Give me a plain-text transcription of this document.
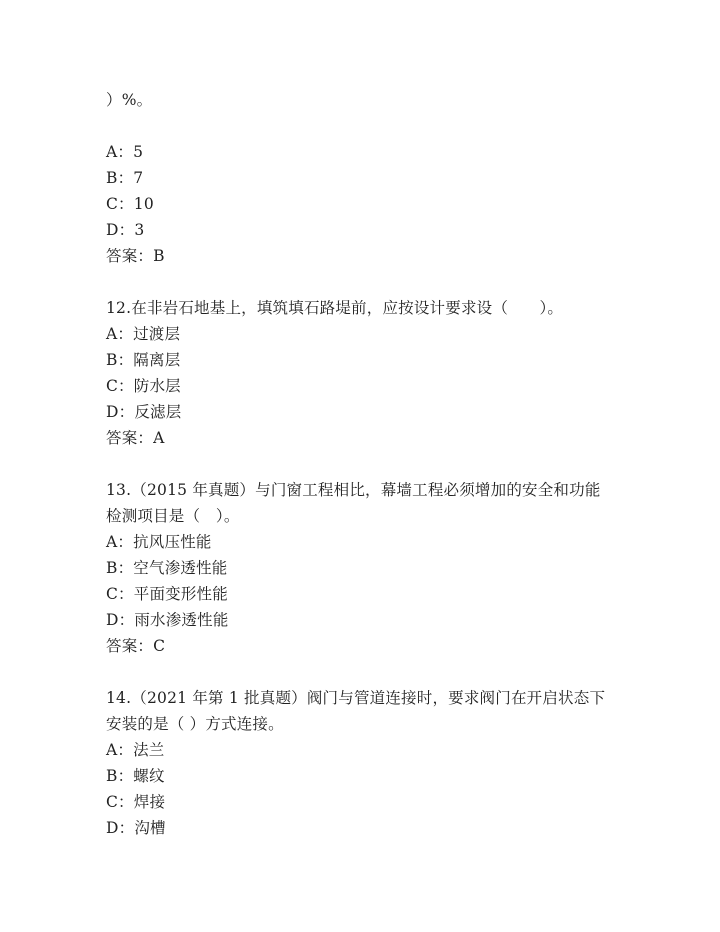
）%。
A：5
B：7
C：10
D：3
答案：B
12.在非岩石地基上，填筑填石路堤前，应按设计要求设（　　）。
A：过渡层
B：隔离层
C：防水层
D：反滤层
答案：A
13.（2015 年真题）与门窗工程相比，幕墙工程必须增加的安全和功能
检测项目是（　）。
A：抗风压性能
B：空气渗透性能
C：平面变形性能
D：雨水渗透性能
答案：C
14.（2021 年第 1 批真题）阀门与管道连接时，要求阀门在开启状态下
安装的是（ ）方式连接。
A：法兰
B：螺纹
C：焊接
D：沟槽
